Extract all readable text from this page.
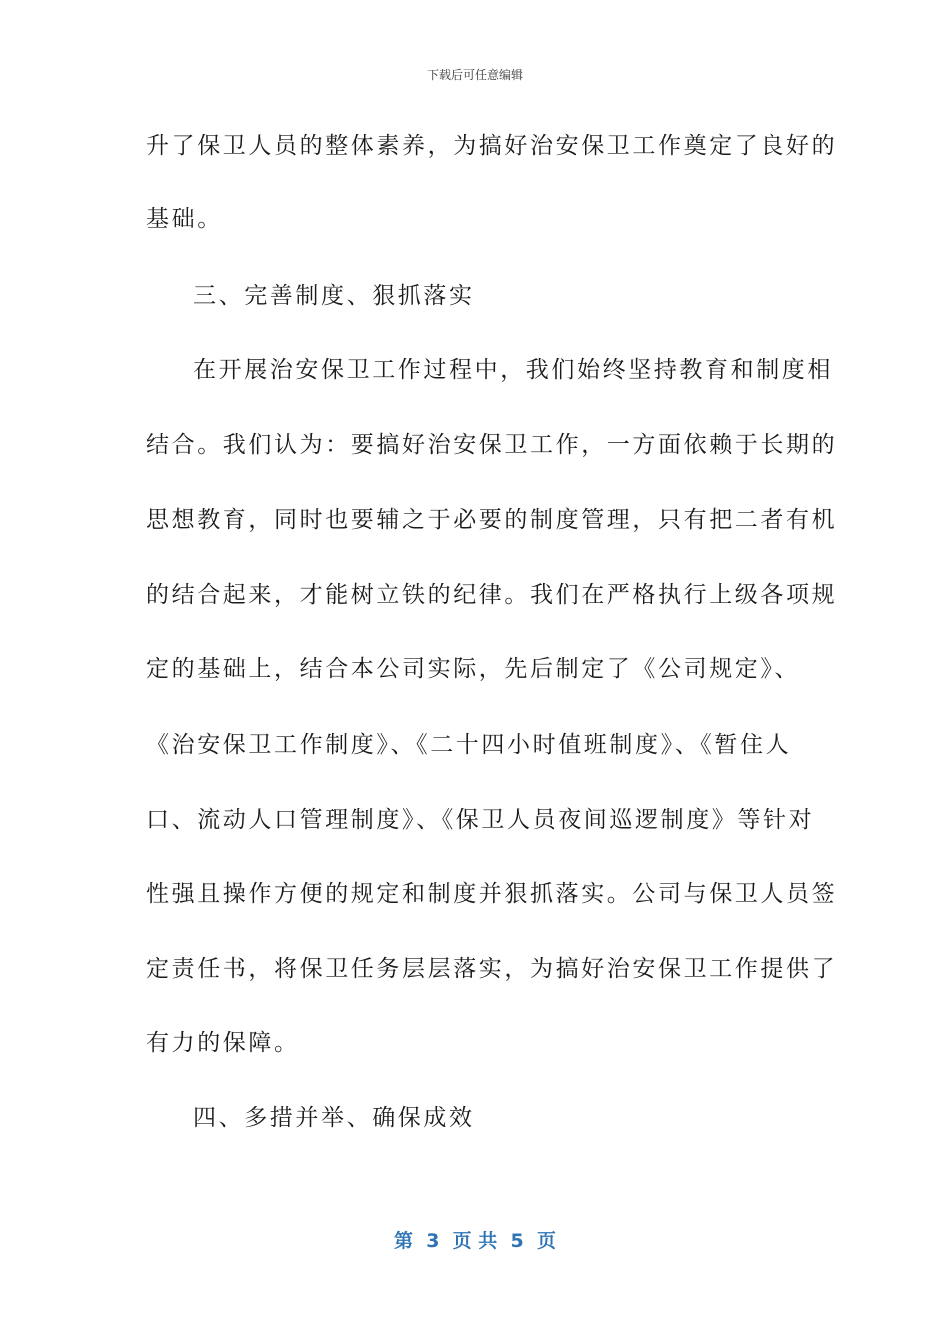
下载后可任意编辑
升了保卫人员的整体素养，为搞好治安保卫工作奠定了良好的
基础。
三、完善制度、狠抓落实
在开展治安保卫工作过程中，我们始终坚持教育和制度相
结合。我们认为：要搞好治安保卫工作，一方面依赖于长期的
思想教育，同时也要辅之于必要的制度管理，只有把二者有机
的结合起来，才能树立铁的纪律。我们在严格执行上级各项规
定的基础上，结合本公司实际，先后制定了《公司规定》、
《治安保卫工作制度》、《二十四小时值班制度》、《暂住人
口、流动人口管理制度》、《保卫人员夜间巡逻制度》等针对
性强且操作方便的规定和制度并狠抓落实。公司与保卫人员签
定责任书，将保卫任务层层落实，为搞好治安保卫工作提供了
有力的保障。
四、多措并举、确保成效
第  3  页 共  5  页
